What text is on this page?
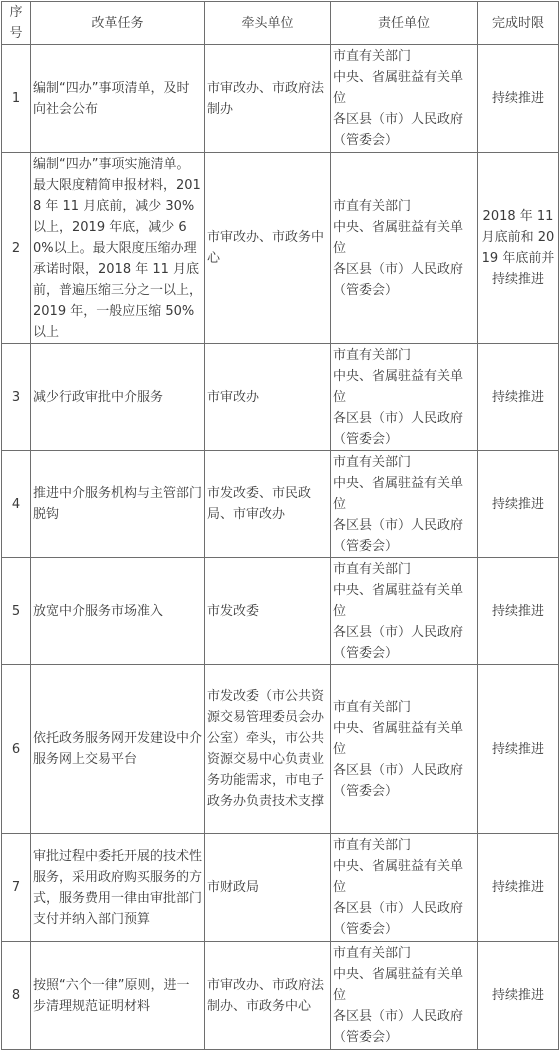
序
号	改革任务	牵头单位	责任单位	完成时限
1	编制“四办”事项清单，及时向社会公布	市审改办、市政府法制办	市直有关部门
中央、省属驻益有关单位
各区县（市）人民政府（管委会）	持续推进
2	编制“四办”事项实施清单。最大限度精简申报材料，2018 年 11 月底前，减少 30%以上，2019 年底，减少 60%以上。最大限度压缩办理承诺时限，2018 年 11 月底前，普遍压缩三分之一以上，2019 年，一般应压缩 50%以上	市审改办、市政务中心	市直有关部门
中央、省属驻益有关单位
各区县（市）人民政府（管委会）	2018 年 11 月底前和 2019 年底前并持续推进
3	减少行政审批中介服务	市审改办	市直有关部门
中央、省属驻益有关单位
各区县（市）人民政府（管委会）	持续推进
4	推进中介服务机构与主管部门脱钩	市发改委、市民政局、市审改办	市直有关部门
中央、省属驻益有关单位
各区县（市）人民政府（管委会）	持续推进
5	放宽中介服务市场准入	市发改委	市直有关部门
中央、省属驻益有关单位
各区县（市）人民政府（管委会）	持续推进
6	依托政务服务网开发建设中介服务网上交易平台	市发改委（市公共资源交易管理委员会办公室）牵头，市公共资源交易中心负责业务功能需求，市电子政务办负责技术支撑	市直有关部门
中央、省属驻益有关单位
各区县（市）人民政府（管委会）	持续推进
7	审批过程中委托开展的技术性服务，采用政府购买服务的方式，服务费用一律由审批部门支付并纳入部门预算	市财政局	市直有关部门
中央、省属驻益有关单位
各区县（市）人民政府（管委会）	持续推进
8	按照“六个一律”原则，进一步清理规范证明材料	市审改办、市政府法制办、市政务中心	市直有关部门
中央、省属驻益有关单位
各区县（市）人民政府（管委会）	持续推进
